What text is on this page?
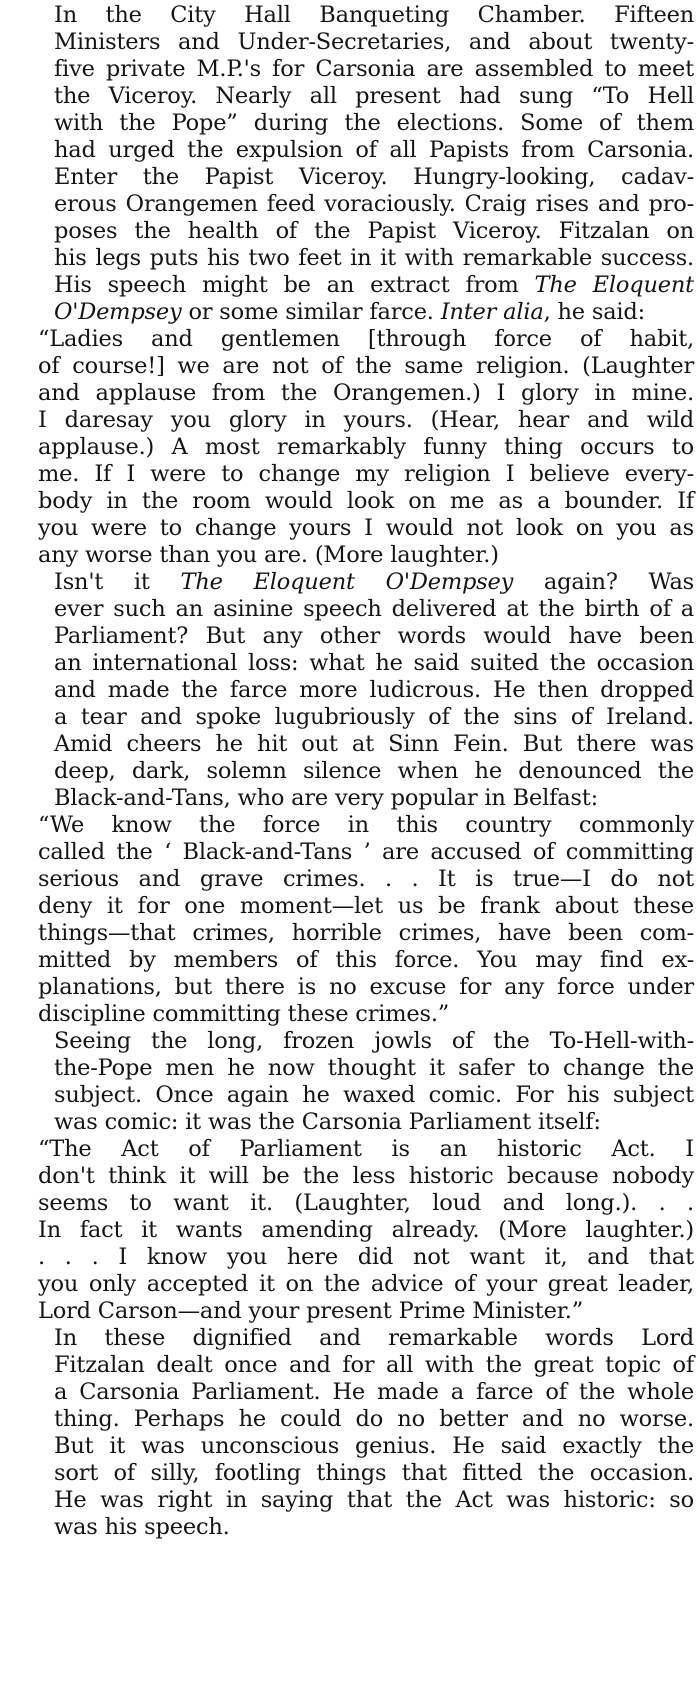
In the City Hall Banqueting Chamber. Fifteen
Ministers and Under-Secretaries, and about twenty-
five private M.P.'s for Carsonia are assembled to meet
the Viceroy. Nearly all present had sung “To Hell
with the Pope” during the elections. Some of them
had urged the expulsion of all Papists from Carsonia.
Enter the Papist Viceroy. Hungry-looking, cadav-
erous Orangemen feed voraciously. Craig rises and pro-
poses the health of the Papist Viceroy. Fitzalan on
his legs puts his two feet in it with remarkable success.
His speech might be an extract from The Eloquent
O'Dempsey or some similar farce. Inter alia, he said:

“Ladies and gentlemen [through force of habit,
of course!] we are not of the same religion. (Laughter
and applause from the Orangemen.) I glory in mine.
I daresay you glory in yours. (Hear, hear and wild
applause.) A most remarkably funny thing occurs to
me. If I were to change my religion I believe every-
body in the room would look on me as a bounder. If
you were to change yours I would not look on you as
any worse than you are. (More laughter.)

Isn't it The Eloquent O'Dempsey again? Was
ever such an asinine speech delivered at the birth of a
Parliament? But any other words would have been
an international loss: what he said suited the occasion
and made the farce more ludicrous. He then dropped
a tear and spoke lugubriously of the sins of Ireland.
Amid cheers he hit out at Sinn Fein. But there was
deep, dark, solemn silence when he denounced the
Black-and-Tans, who are very popular in Belfast:

“We know the force in this country commonly
called the ‘ Black-and-Tans ’ are accused of committing
serious and grave crimes. . . It is true—I do not
deny it for one moment—let us be frank about these
things—that crimes, horrible crimes, have been com-
mitted by members of this force. You may find ex-
planations, but there is no excuse for any force under
discipline committing these crimes.”

Seeing the long, frozen jowls of the To-Hell-with-
the-Pope men he now thought it safer to change the
subject. Once again he waxed comic. For his subject
was comic: it was the Carsonia Parliament itself:

“The Act of Parliament is an historic Act. I
don't think it will be the less historic because nobody
seems to want it. (Laughter, loud and long.). . .
In fact it wants amending already. (More laughter.)
. . . I know you here did not want it, and that
you only accepted it on the advice of your great leader,
Lord Carson—and your present Prime Minister.”

In these dignified and remarkable words Lord
Fitzalan dealt once and for all with the great topic of
a Carsonia Parliament. He made a farce of the whole
thing. Perhaps he could do no better and no worse.
But it was unconscious genius. He said exactly the
sort of silly, footling things that fitted the occasion.
He was right in saying that the Act was historic: so
was his speech.
